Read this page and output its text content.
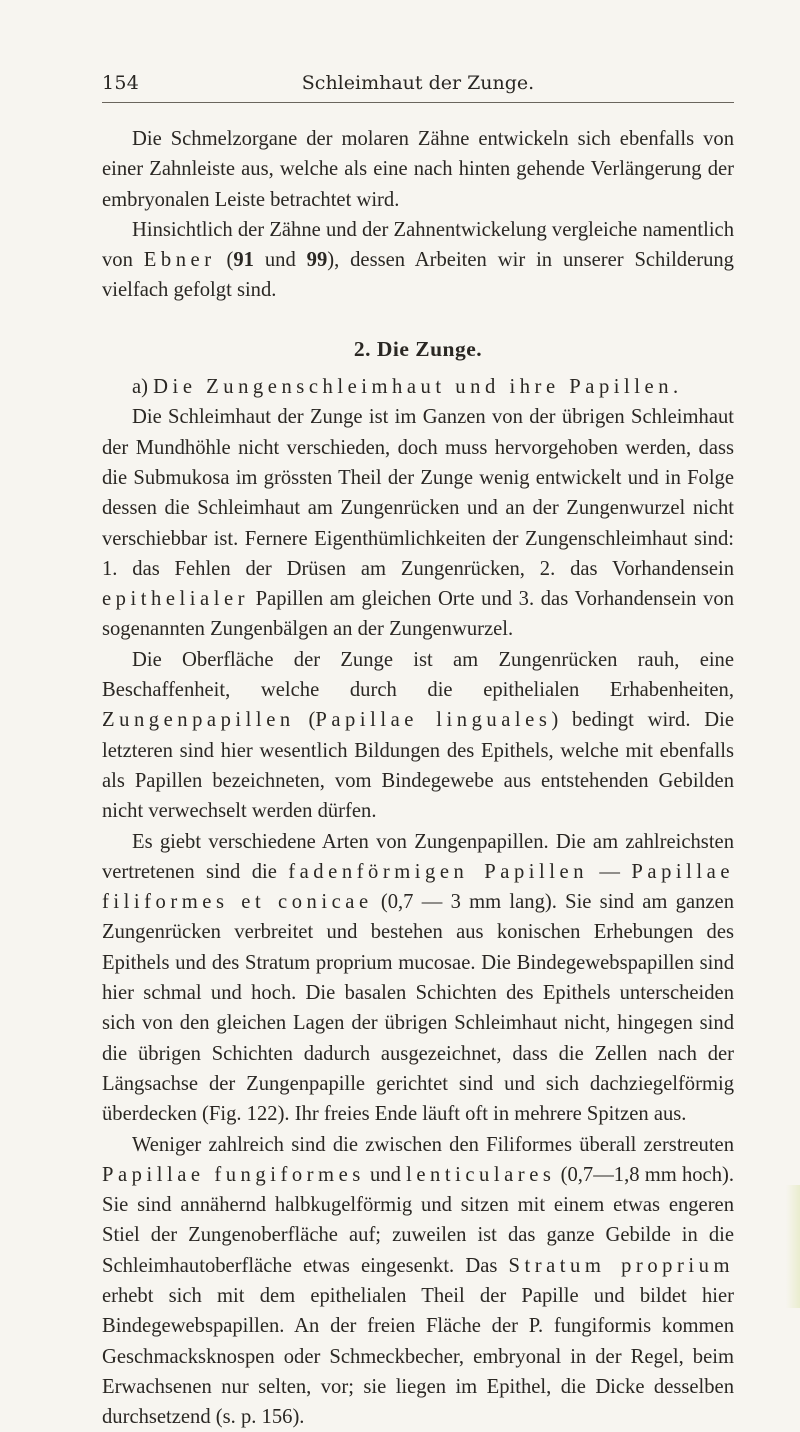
154	Schleimhaut der Zunge.

Die Schmelzorgane der molaren Zähne entwickeln sich ebenfalls von einer Zahnleiste aus, welche als eine nach hinten gehende Verlängerung der embryonalen Leiste betrachtet wird.

Hinsichtlich der Zähne und der Zahnentwickelung vergleiche namentlich von Ebner (91 und 99), dessen Arbeiten wir in unserer Schilderung vielfach gefolgt sind.

2. Die Zunge.

a) Die Zungenschleimhaut und ihre Papillen.

Die Schleimhaut der Zunge ist im Ganzen von der übrigen Schleimhaut der Mundhöhle nicht verschieden, doch muss hervorgehoben werden, dass die Submukosa im grössten Theil der Zunge wenig entwickelt und in Folge dessen die Schleimhaut am Zungenrücken und an der Zungenwurzel nicht verschiebbar ist. Fernere Eigenthümlichkeiten der Zungenschleimhaut sind: 1. das Fehlen der Drüsen am Zungenrücken, 2. das Vorhandensein epithelialer Papillen am gleichen Orte und 3. das Vorhandensein von sogenannten Zungenbälgen an der Zungenwurzel.

Die Oberfläche der Zunge ist am Zungenrücken rauh, eine Beschaffenheit, welche durch die epithelialen Erhabenheiten, Zungenpapillen (Papillae linguales) bedingt wird. Die letzteren sind hier wesentlich Bildungen des Epithels, welche mit ebenfalls als Papillen bezeichneten, vom Bindegewebe aus entstehenden Gebilden nicht verwechselt werden dürfen.

Es giebt verschiedene Arten von Zungenpapillen. Die am zahlreichsten vertretenen sind die fadenförmigen Papillen — Papillae filiformes et conicae (0,7 — 3 mm lang). Sie sind am ganzen Zungenrücken verbreitet und bestehen aus konischen Erhebungen des Epithels und des Stratum proprium mucosae. Die Bindegewebspapillen sind hier schmal und hoch. Die basalen Schichten des Epithels unterscheiden sich von den gleichen Lagen der übrigen Schleimhaut nicht, hingegen sind die übrigen Schichten dadurch ausgezeichnet, dass die Zellen nach der Längsachse der Zungenpapille gerichtet sind und sich dachziegelförmig überdecken (Fig. 122). Ihr freies Ende läuft oft in mehrere Spitzen aus.

Weniger zahlreich sind die zwischen den Filiformes überall zerstreuten Papillae fungiformes und lenticulares (0,7—1,8 mm hoch). Sie sind annähernd halbkugelförmig und sitzen mit einem etwas engeren Stiel der Zungenoberfläche auf; zuweilen ist das ganze Gebilde in die Schleimhautoberfläche etwas eingesenkt. Das Stratum proprium erhebt sich mit dem epithelialen Theil der Papille und bildet hier Bindegewebspapillen. An der freien Fläche der P. fungiformis kommen Geschmacksknospen oder Schmeckbecher, embryonal in der Regel, beim Erwachsenen nur selten, vor; sie liegen im Epithel, die Dicke desselben durchsetzend (s. p. 156).
